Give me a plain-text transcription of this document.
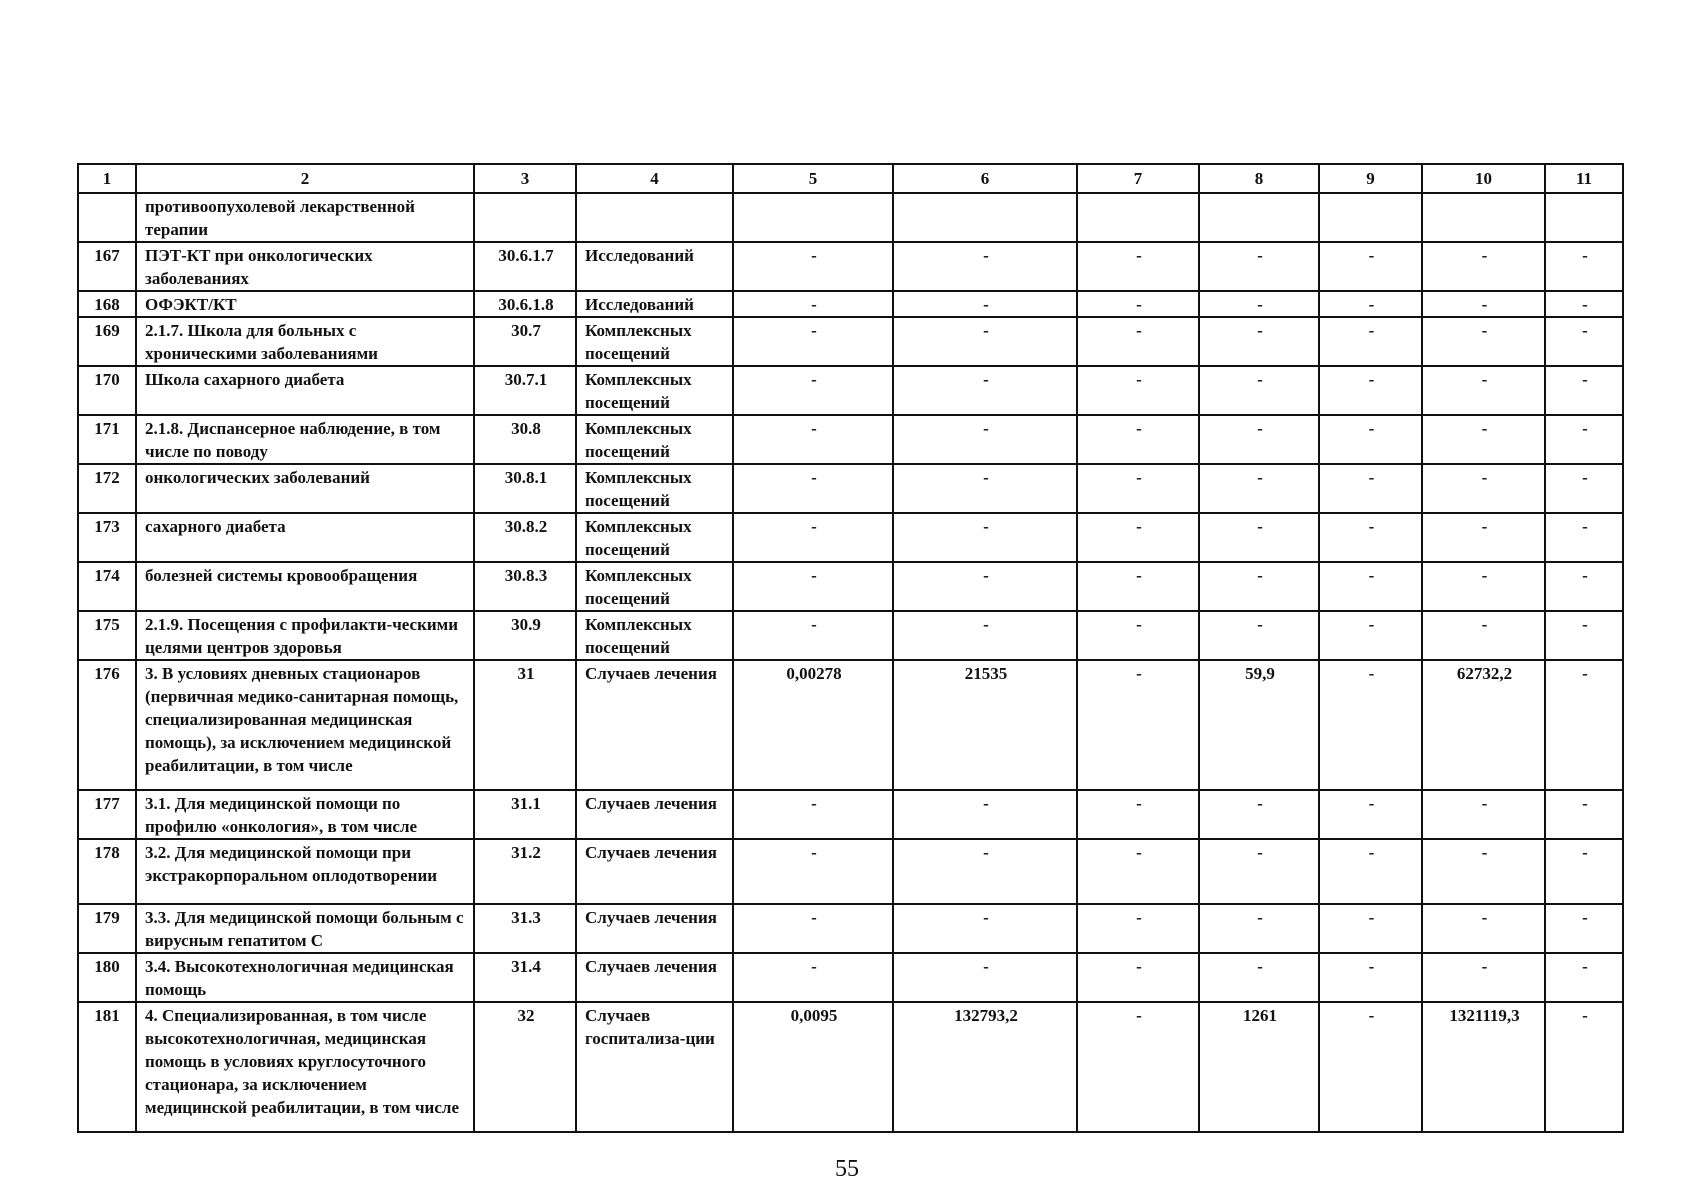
1	2	3	4	5	6	7	8	9	10	11
	противоопухолевой лекарственной терапии									
167	ПЭТ-КТ при онкологических заболеваниях	30.6.1.7	Исследований	-	-	-	-	-	-	-
168	ОФЭКТ/КТ	30.6.1.8	Исследований	-	-	-	-	-	-	-
169	2.1.7. Школа для больных с хроническими заболеваниями	30.7	Комплексных посещений	-	-	-	-	-	-	-
170	Школа сахарного диабета	30.7.1	Комплексных посещений	-	-	-	-	-	-	-
171	2.1.8. Диспансерное наблюдение, в том числе по поводу	30.8	Комплексных посещений	-	-	-	-	-	-	-
172	онкологических заболеваний	30.8.1	Комплексных посещений	-	-	-	-	-	-	-
173	сахарного диабета	30.8.2	Комплексных посещений	-	-	-	-	-	-	-
174	болезней системы кровообращения	30.8.3	Комплексных посещений	-	-	-	-	-	-	-
175	2.1.9. Посещения с профилакти-ческими целями центров здоровья	30.9	Комплексных посещений	-	-	-	-	-	-	-
176	3. В условиях дневных стационаров (первичная медико-санитарная помощь, специализированная медицинская помощь), за исключением медицинской реабилитации, в том числе	31	Случаев лечения	0,00278	21535	-	59,9	-	62732,2	-
177	3.1. Для медицинской помощи по профилю «онкология», в том числе	31.1	Случаев лечения	-	-	-	-	-	-	-
178	3.2. Для медицинской помощи при экстракорпоральном оплодотворении	31.2	Случаев лечения	-	-	-	-	-	-	-
179	3.3. Для медицинской помощи больным с вирусным гепатитом С	31.3	Случаев лечения	-	-	-	-	-	-	-
180	3.4. Высокотехнологичная медицинская помощь	31.4	Случаев лечения	-	-	-	-	-	-	-
181	4. Специализированная, в том числе высокотехнологичная, медицинская помощь в условиях круглосуточного стационара, за исключением медицинской реабилитации, в том числе	32	Случаев госпитализа-ции	0,0095	132793,2	-	1261	-	1321119,3	-
55
